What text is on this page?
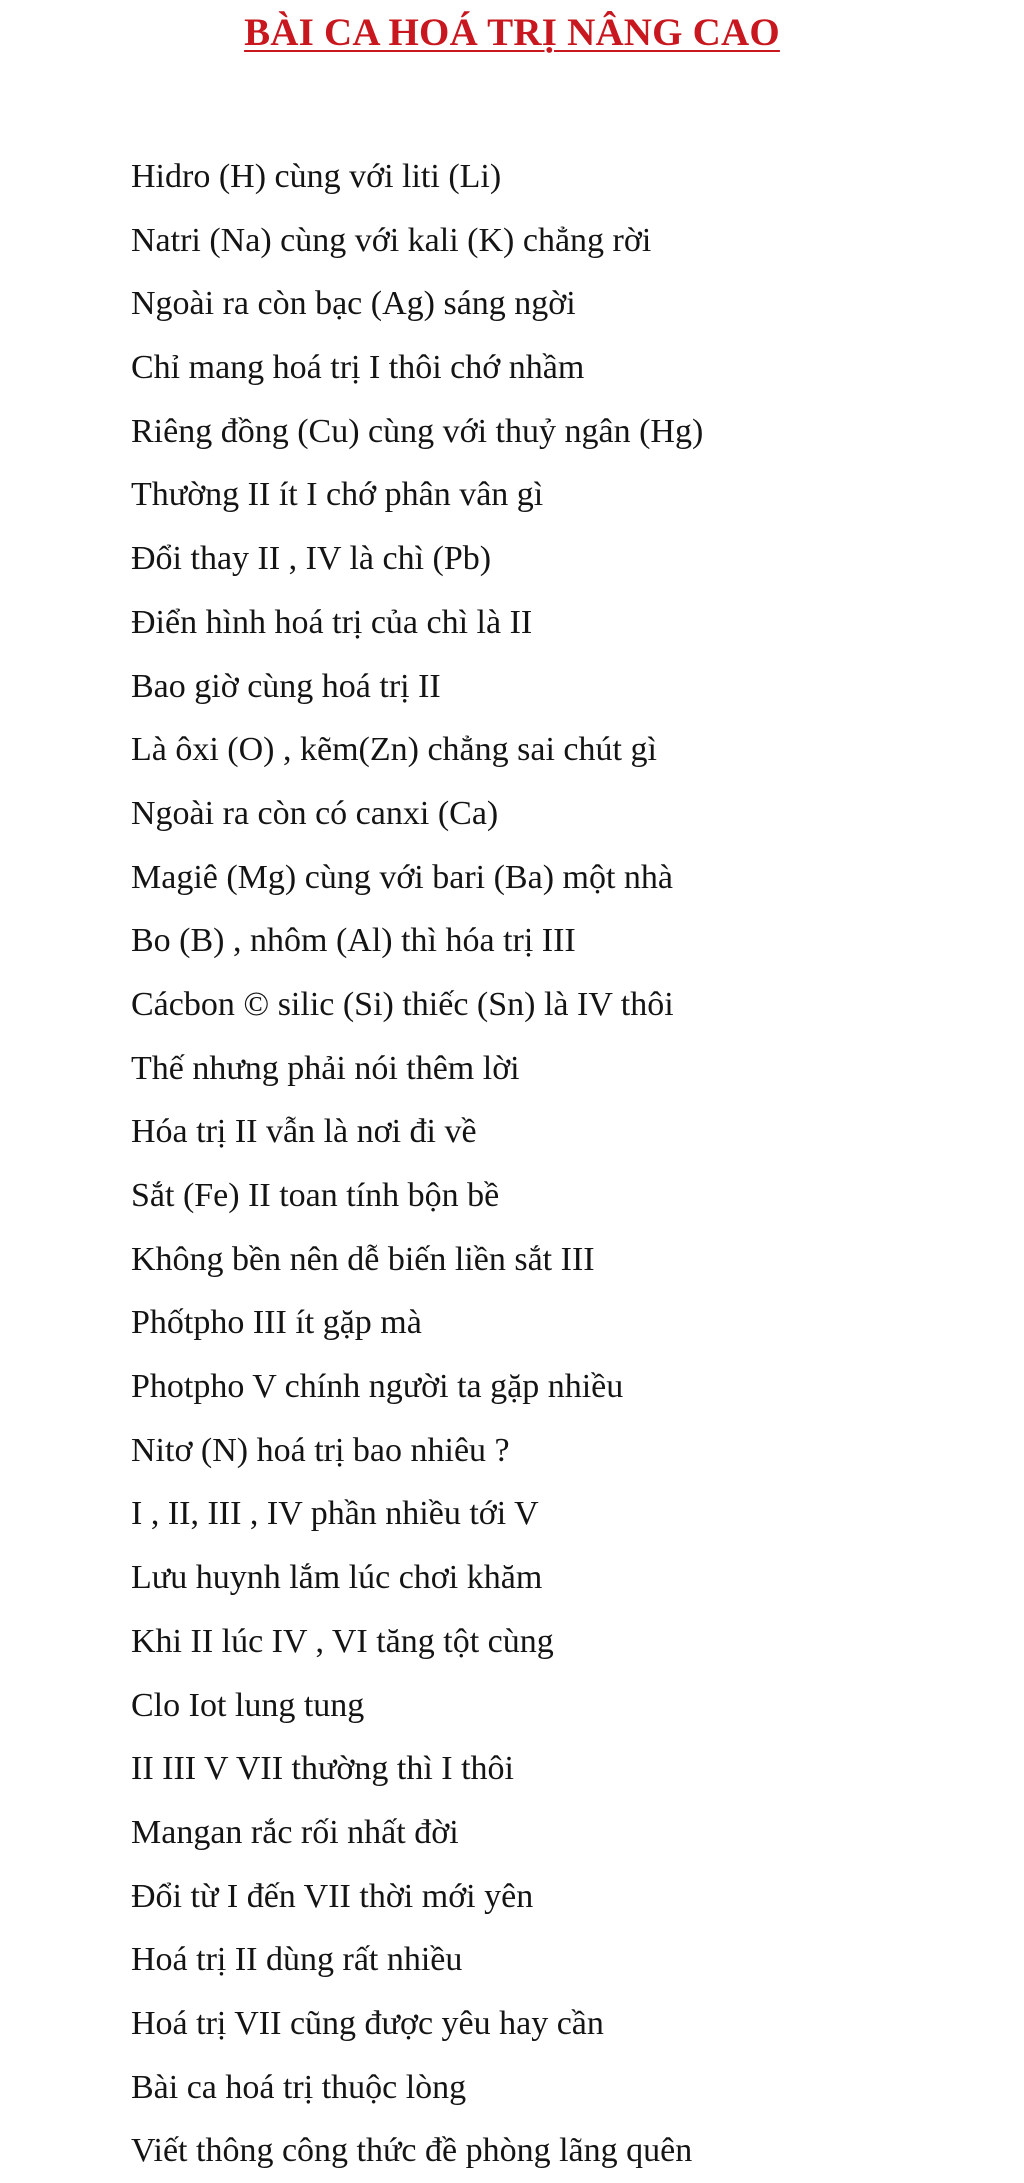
BÀI CA HOÁ TRỊ NÂNG CAO
Hidro (H) cùng với liti (Li)
Natri (Na) cùng với kali (K) chẳng rời
Ngoài ra còn bạc (Ag) sáng ngời
Chỉ mang hoá trị I thôi chớ nhầm
Riêng đồng (Cu) cùng với thuỷ ngân (Hg)
Thường II ít I chớ phân vân gì
Đổi thay II , IV là chì (Pb)
Điển hình hoá trị của chì là II
Bao giờ cùng hoá trị II
Là ôxi (O) , kẽm(Zn) chẳng sai chút gì
Ngoài ra còn có canxi (Ca)
Magiê (Mg) cùng với bari (Ba) một nhà
Bo (B) , nhôm (Al) thì hóa trị III
Cácbon © silic (Si) thiếc (Sn) là IV thôi
Thế nhưng phải nói thêm lời
Hóa trị II vẫn là nơi đi về
Sắt (Fe) II toan tính bộn bề
Không bền nên dễ biến liền sắt III
Phốtpho III ít gặp mà
Photpho V chính người ta gặp nhiều
Nitơ (N) hoá trị bao nhiêu ?
I , II, III , IV phần nhiều tới V
Lưu huynh lắm lúc chơi khăm
Khi II lúc IV , VI tăng tột cùng
Clo Iot lung tung
II III V VII thường thì I thôi
Mangan rắc rối nhất đời
Đổi từ I đến VII thời mới yên
Hoá trị II dùng rất nhiều
Hoá trị VII cũng được yêu hay cần
Bài ca hoá trị thuộc lòng
Viết thông công thức đề phòng lãng quên
